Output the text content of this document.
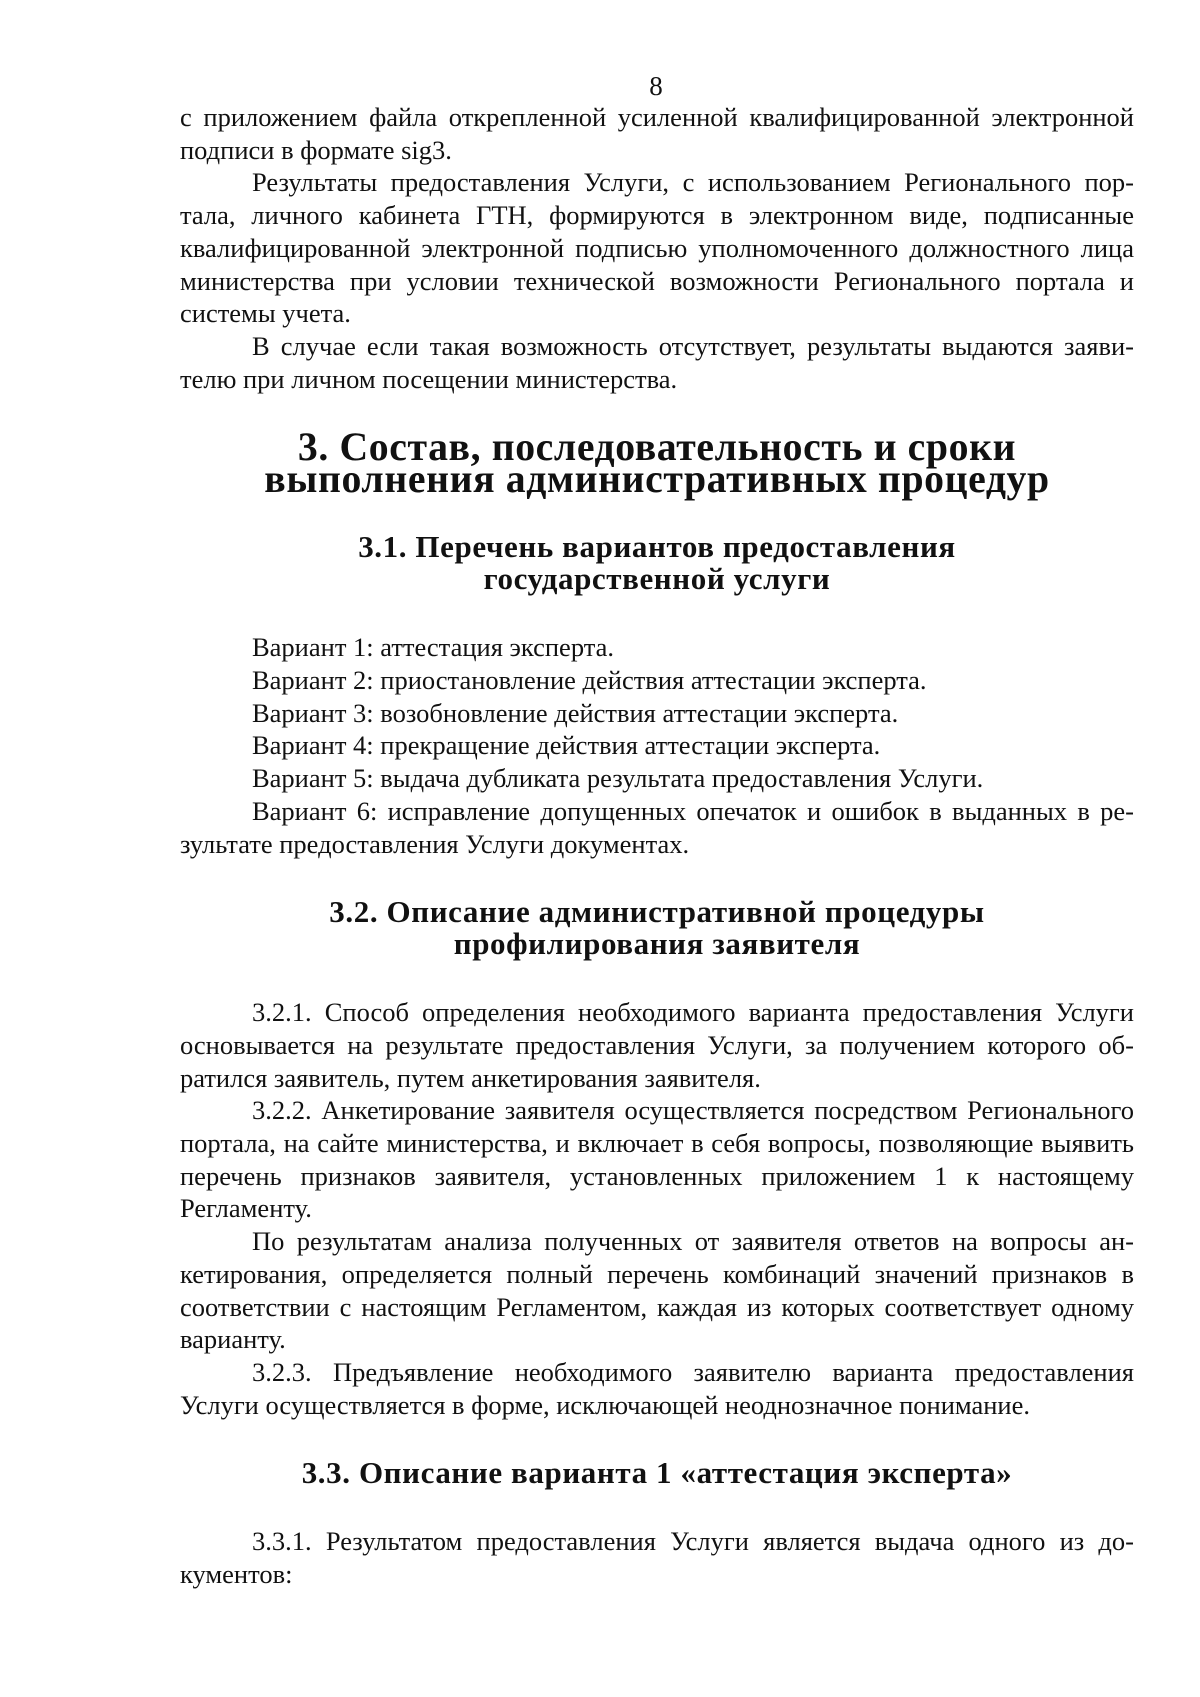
8

с приложением файла открепленной усиленной квалифицированной электронной подписи в формате sig3.

Результаты предоставления Услуги, с использованием Регионального портала, личного кабинета ГТН, формируются в электронном виде, подписанные квалифицированной электронной подписью уполномоченного должностного лица министерства при условии технической возможности Регионального портала и системы учета.

В случае если такая возможность отсутствует, результаты выдаются заявителю при личном посещении министерства.

3. Состав, последовательность и сроки
выполнения административных процедур
3.1. Перечень вариантов предоставления
государственной услуги

Вариант 1: аттестация эксперта.

Вариант 2: приостановление действия аттестации эксперта.

Вариант 3: возобновление действия аттестации эксперта.

Вариант 4: прекращение действия аттестации эксперта.

Вариант 5: выдача дубликата результата предоставления Услуги.

Вариант 6: исправление допущенных опечаток и ошибок в выданных в результате предоставления Услуги документах.

3.2. Описание административной процедуры
профилирования заявителя

3.2.1. Способ определения необходимого варианта предоставления Услуги основывается на результате предоставления Услуги, за получением которого обратился заявитель, путем анкетирования заявителя.

3.2.2. Анкетирование заявителя осуществляется посредством Регионального портала, на сайте министерства, и включает в себя вопросы, позволяющие выявить перечень признаков заявителя, установленных приложением 1 к настоящему Регламенту.

По результатам анализа полученных от заявителя ответов на вопросы анкетирования, определяется полный перечень комбинаций значений признаков в соответствии с настоящим Регламентом, каждая из которых соответствует одному варианту.

3.2.3. Предъявление необходимого заявителю варианта предоставления Услуги осуществляется в форме, исключающей неоднозначное понимание.

3.3. Описание варианта 1 «аттестация эксперта»

3.3.1. Результатом предоставления Услуги является выдача одного из документов:
